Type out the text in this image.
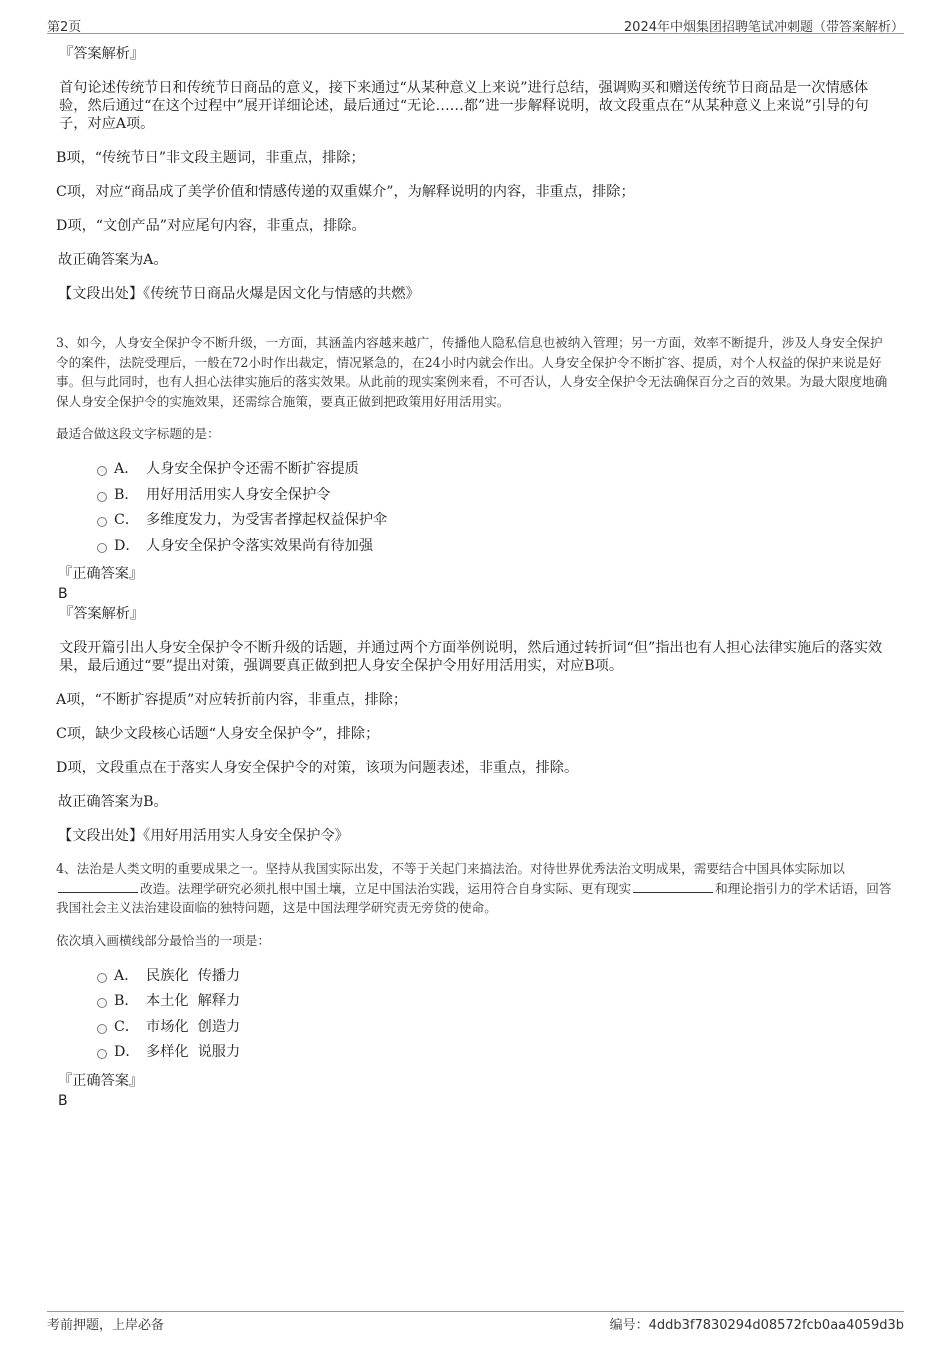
第2页	2024年中烟集团招聘笔试冲刺题（带答案解析）

『答案解析』

首句论述传统节日和传统节日商品的意义，接下来通过“从某种意义上来说”进行总结，强调购买和赠送传统节日商品是一次情感体验，然后通过“在这个过程中”展开详细论述，最后通过“无论……都”进一步解释说明，故文段重点在“从某种意义上来说”引导的句子，对应A项。

B项，“传统节日”非文段主题词，非重点，排除；

C项，对应“商品成了美学价值和情感传递的双重媒介”，为解释说明的内容，非重点，排除；

D项，“文创产品”对应尾句内容，非重点，排除。

故正确答案为A。

【文段出处】《传统节日商品火爆是因文化与情感的共燃》

3、如今，人身安全保护令不断升级，一方面，其涵盖内容越来越广，传播他人隐私信息也被纳入管理；另一方面，效率不断提升，涉及人身安全保护令的案件，法院受理后，一般在72小时作出裁定，情况紧急的，在24小时内就会作出。人身安全保护令不断扩容、提质，对个人权益的保护来说是好事。但与此同时，也有人担心法律实施后的落实效果。从此前的现实案例来看，不可否认，人身安全保护令无法确保百分之百的效果。为最大限度地确保人身安全保护令的实施效果，还需综合施策，要真正做到把政策用好用活用实。

最适合做这段文字标题的是：

A． 人身安全保护令还需不断扩容提质
B． 用好用活用实人身安全保护令
C． 多维度发力，为受害者撑起权益保护伞
D． 人身安全保护令落实效果尚有待加强

『正确答案』

B

『答案解析』

文段开篇引出人身安全保护令不断升级的话题，并通过两个方面举例说明，然后通过转折词“但”指出也有人担心法律实施后的落实效果，最后通过“要”提出对策，强调要真正做到把人身安全保护令用好用活用实，对应B项。

A项，“不断扩容提质”对应转折前内容，非重点，排除；

C项，缺少文段核心话题“人身安全保护令”，排除；

D项，文段重点在于落实人身安全保护令的对策，该项为问题表述，非重点，排除。

故正确答案为B。

【文段出处】《用好用活用实人身安全保护令》

4、法治是人类文明的重要成果之一。坚持从我国实际出发，不等于关起门来搞法治。对待世界优秀法治文明成果，需要结合中国具体实际加以改造。法理学研究必须扎根中国土壤，立足中国法治实践，运用符合自身实际、更有现实	和理论指引力的学术话语，回答我国社会主义法治建设面临的独特问题，这是中国法理学研究责无旁贷的使命。

依次填入画横线部分最恰当的一项是：

A． 民族化  传播力
B． 本土化  解释力
C． 市场化  创造力
D． 多样化  说服力

『正确答案』

B

考前押题，上岸必备	编号：4ddb3f7830294d08572fcb0aa4059d3b
